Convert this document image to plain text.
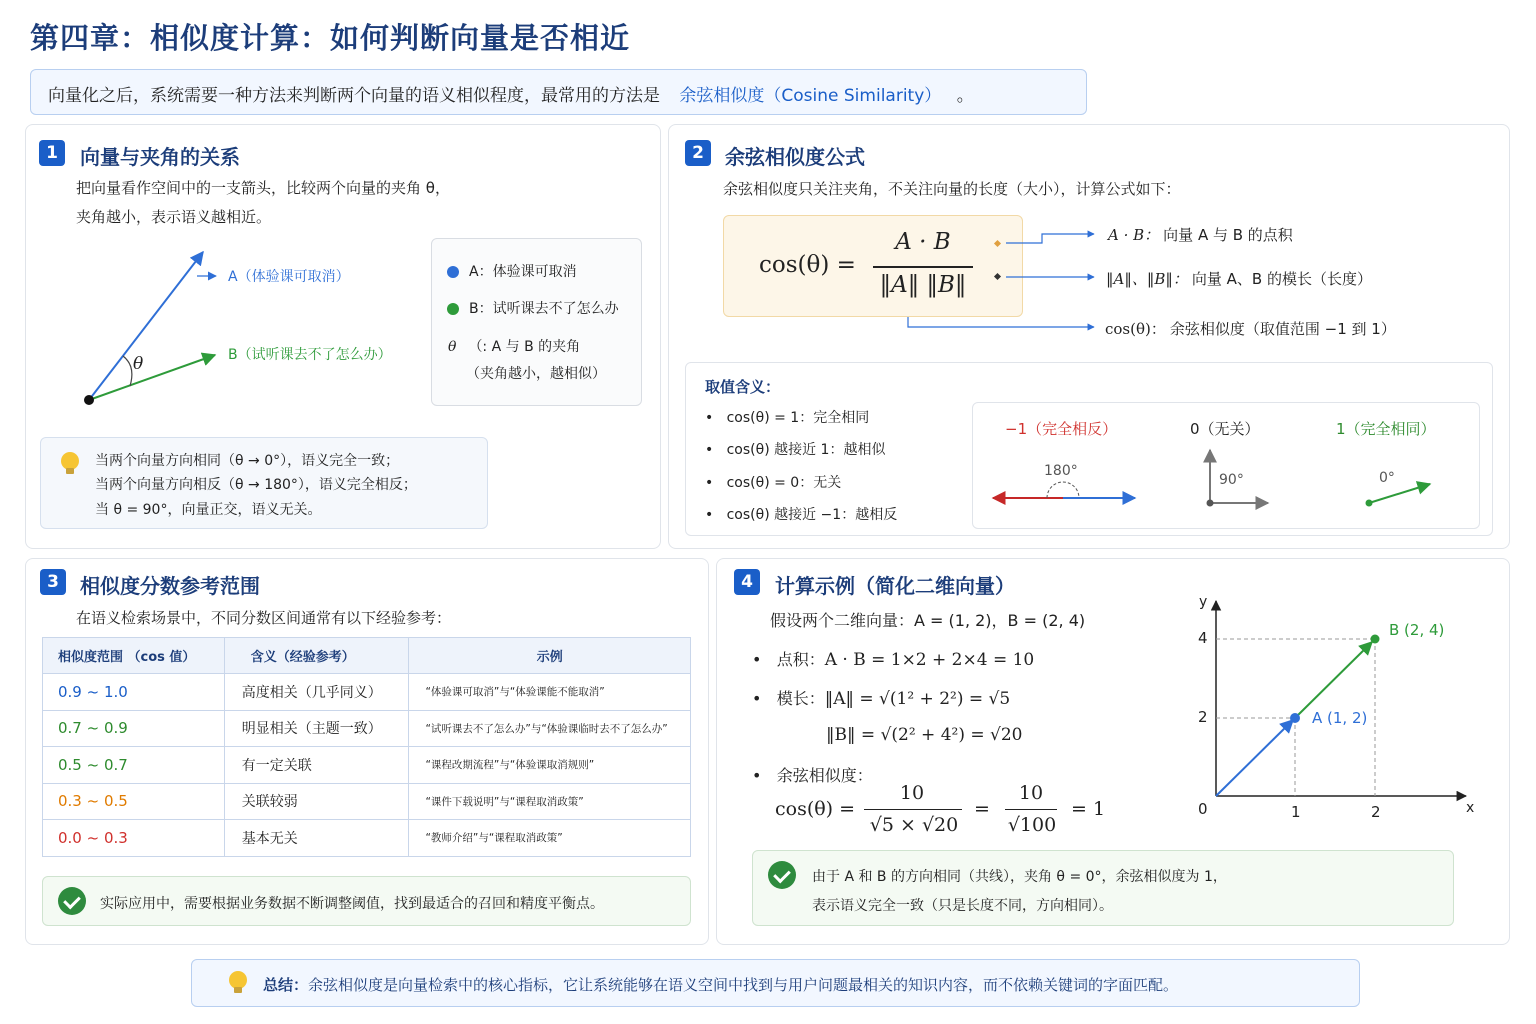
第四章：相似度计算：如何判断向量是否相近
向量化之后，系统需要一种方法来判断两个向量的语义相似程度，最常用的方法是 余弦相似度（Cosine Similarity） 。
1	向量与夹角的关系
把向量看作空间中的一支箭头，比较两个向量的夹角 θ，
夹角越小，表示语义越相近。
θ
A（体验课可取消）
B（试听课去不了怎么办）
A：体验课可取消
B：试听课去不了怎么办
θ （: A 与 B 的夹角
（夹角越小，越相似）
当两个向量方向相同（θ → 0°），语义完全一致；
当两个向量方向相反（θ → 180°），语义完全相反；
当 θ = 90°，向量正交，语义无关。
2	余弦相似度公式
余弦相似度只关注夹角，不关注向量的长度（大小），计算公式如下：
cos(θ) =
A · B
‖A‖ ‖B‖
A · B： 向量 A 与 B 的点积
‖A‖、‖B‖： 向量 A、B 的模长（长度）
cos(θ)： 余弦相似度（取值范围 −1 到 1）
取值含义：
•   cos(θ) = 1：完全相同
•   cos(θ) 越接近 1：越相似
•   cos(θ) = 0：无关
•   cos(θ) 越接近 −1：越相反
−1（完全相反）	0（无关）	1（完全相同）
180°
90°	0°
3	相似度分数参考范围
在语义检索场景中，不同分数区间通常有以下经验参考：
相似度范围 （cos 值）	含义（经验参考）	示例
0.9 ~ 1.0	高度相关（几乎同义）	“体验课可取消”与“体验课能不能取消”
0.7 ~ 0.9	明显相关（主题一致）	“试听课去不了怎么办”与“体验课临时去不了怎么办”
0.5 ~ 0.7	有一定关联	“课程改期流程”与“体验课取消规则”
0.3 ~ 0.5	关联较弱	“课件下载说明”与“课程取消政策”
0.0 ~ 0.3	基本无关	“教师介绍”与“课程取消政策”
实际应用中，需要根据业务数据不断调整阈值，找到最适合的召回和精度平衡点。
4	计算示例（简化二维向量）
假设两个二维向量：A = (1, 2)，B = (2, 4)
•   点积：A · B = 1×2 + 2×4 = 10
•   模长：‖A‖ = √(1² + 2²) = √5
‖B‖ = √(2² + 4²) = √20
•   余弦相似度：
cos(θ) =
10
√5 × √20
=
10
√100
= 1
y
x
0	1	2
2
4
A (1, 2)
B (2, 4)
由于 A 和 B 的方向相同（共线），夹角 θ = 0°，余弦相似度为 1，
表示语义完全一致（只是长度不同，方向相同）。
总结：余弦相似度是向量检索中的核心指标，它让系统能够在语义空间中找到与用户问题最相关的知识内容，而不依赖关键词的字面匹配。
